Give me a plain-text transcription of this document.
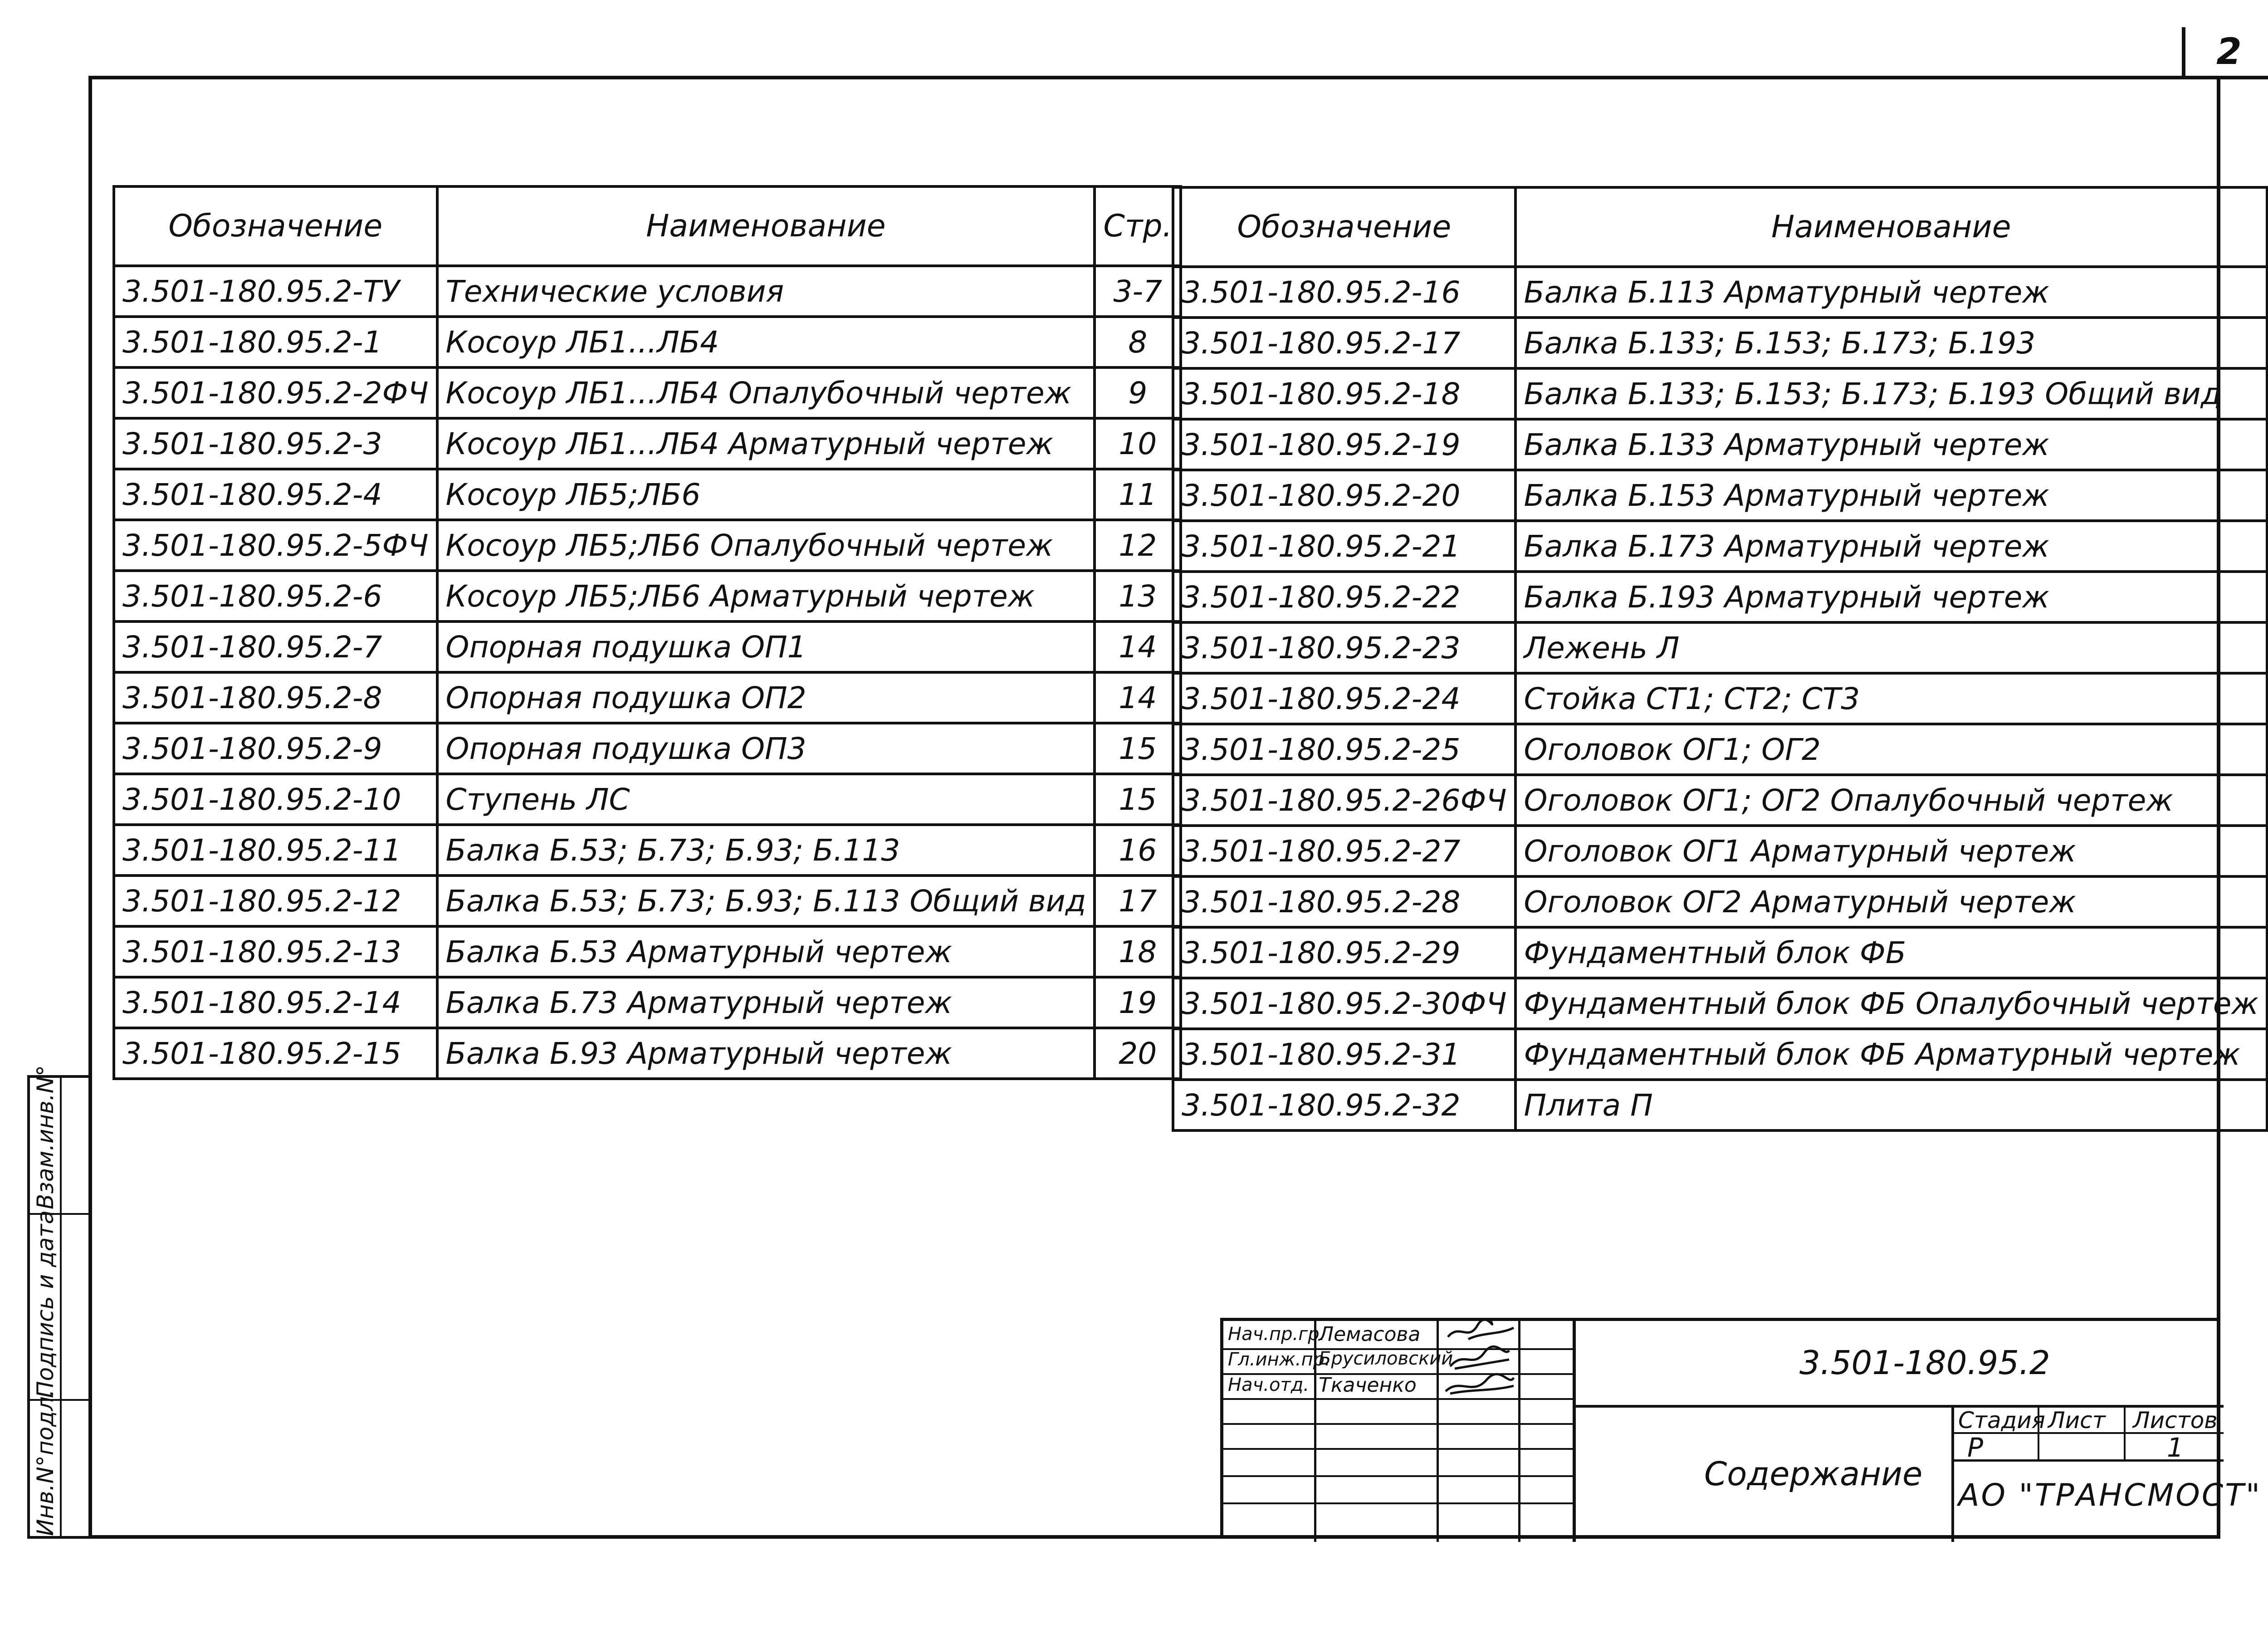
2
Взам.инв.N°
Подпись и дата
Инв.N°подл.
Обозначение	Наименование	Стр.
3.501-180.95.2-ТУ	Технические условия	3-7
3.501-180.95.2-1	Косоур ЛБ1...ЛБ4	8
3.501-180.95.2-2ФЧ	Косоур ЛБ1...ЛБ4 Опалубочный чертеж	9
3.501-180.95.2-3	Косоур ЛБ1...ЛБ4 Арматурный чертеж	10
3.501-180.95.2-4	Косоур ЛБ5;ЛБ6	11
3.501-180.95.2-5ФЧ	Косоур ЛБ5;ЛБ6 Опалубочный чертеж	12
3.501-180.95.2-6	Косоур ЛБ5;ЛБ6 Арматурный чертеж	13
3.501-180.95.2-7	Опорная подушка ОП1	14
3.501-180.95.2-8	Опорная подушка ОП2	14
3.501-180.95.2-9	Опорная подушка ОП3	15
3.501-180.95.2-10	Ступень ЛС	15
3.501-180.95.2-11	Балка Б.53; Б.73; Б.93; Б.113	16
3.501-180.95.2-12	Балка Б.53; Б.73; Б.93; Б.113 Общий вид	17
3.501-180.95.2-13	Балка Б.53 Арматурный чертеж	18
3.501-180.95.2-14	Балка Б.73 Арматурный чертеж	19
3.501-180.95.2-15	Балка Б.93 Арматурный чертеж	20
Обозначение	Наименование	
3.501-180.95.2-16	Балка Б.113 Арматурный чертеж	
3.501-180.95.2-17	Балка Б.133; Б.153; Б.173; Б.193	
3.501-180.95.2-18	Балка Б.133; Б.153; Б.173; Б.193 Общий вид	
3.501-180.95.2-19	Балка Б.133 Арматурный чертеж	
3.501-180.95.2-20	Балка Б.153 Арматурный чертеж	
3.501-180.95.2-21	Балка Б.173 Арматурный чертеж	
3.501-180.95.2-22	Балка Б.193 Арматурный чертеж	
3.501-180.95.2-23	Лежень Л	
3.501-180.95.2-24	Стойка СТ1; СТ2; СТ3	
3.501-180.95.2-25	Оголовок ОГ1; ОГ2	
3.501-180.95.2-26ФЧ	Оголовок ОГ1; ОГ2 Опалубочный чертеж	
3.501-180.95.2-27	Оголовок ОГ1 Арматурный чертеж	
3.501-180.95.2-28	Оголовок ОГ2 Арматурный чертеж	
3.501-180.95.2-29	Фундаментный блок ФБ	
3.501-180.95.2-30ФЧ	Фундаментный блок ФБ Опалубочный чертеж	
3.501-180.95.2-31	Фундаментный блок ФБ Арматурный чертеж	
3.501-180.95.2-32	Плита П	
Нач.пр.гр.
Лемасова
Гл.инж.пр.
Брусиловский
Нач.отд. Ткаченко
3.501-180.95.2
Содержание
Стадия Лист Листов
Р	1
АО "ТРАНСМОСТ"
